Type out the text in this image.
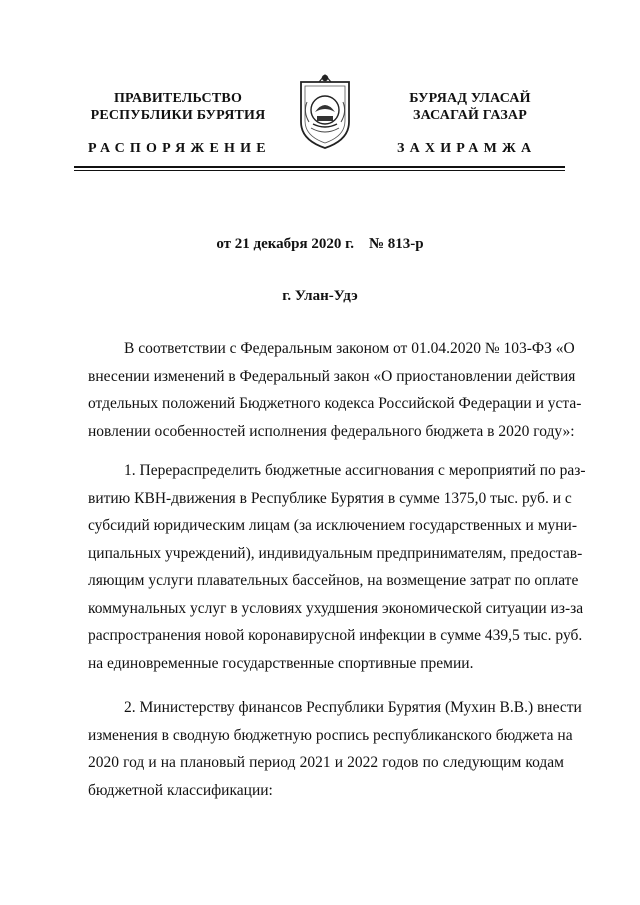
ПРАВИТЕЛЬСТВО
РЕСПУБЛИКИ БУРЯТИЯ
БУРЯАД УЛАСАЙ
ЗАСАГАЙ ГАЗАР
РАСПОРЯЖЕНИЕ	ЗАХИРАМЖА
от 21 декабря 2020 г.    № 813-р
г. Улан-Удэ
В соответствии с Федеральным законом от 01.04.2020 № 103-ФЗ «О
внесении изменений в Федеральный закон «О приостановлении действия
отдельных положений Бюджетного кодекса Российской Федерации и уста-
новлении особенностей исполнения федерального бюджета в 2020 году»:
1. Перераспределить бюджетные ассигнования с мероприятий по раз-
витию КВН-движения в Республике Бурятия в сумме 1375,0 тыс. руб. и с
субсидий юридическим лицам (за исключением государственных и муни-
ципальных учреждений), индивидуальным предпринимателям, предостав-
ляющим услуги плавательных бассейнов, на возмещение затрат по оплате
коммунальных услуг в условиях ухудшения экономической ситуации из-за
распространения новой коронавирусной инфекции в сумме 439,5 тыс. руб.
на единовременные государственные спортивные премии.
2. Министерству финансов Республики Бурятия (Мухин В.В.) внести
изменения в сводную бюджетную роспись республиканского бюджета на
2020 год и на плановый период 2021 и 2022 годов по следующим кодам
бюджетной классификации:
